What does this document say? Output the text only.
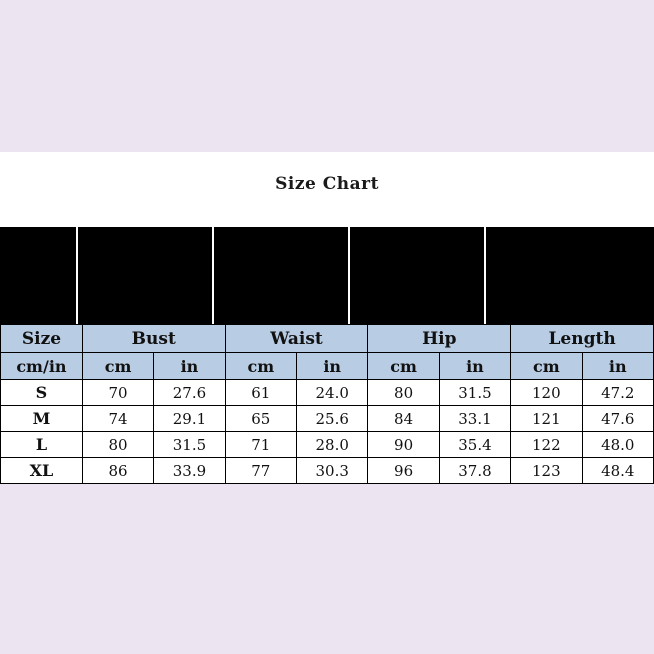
Size Chart
Size	Bust		Waist		Hip		Length	
cm/in	cm	in	cm	in	cm	in	cm	in
S	70	27.6	61	24.0	80	31.5	120	47.2
M	74	29.1	65	25.6	84	33.1	121	47.6
L	80	31.5	71	28.0	90	35.4	122	48.0
XL	86	33.9	77	30.3	96	37.8	123	48.4
